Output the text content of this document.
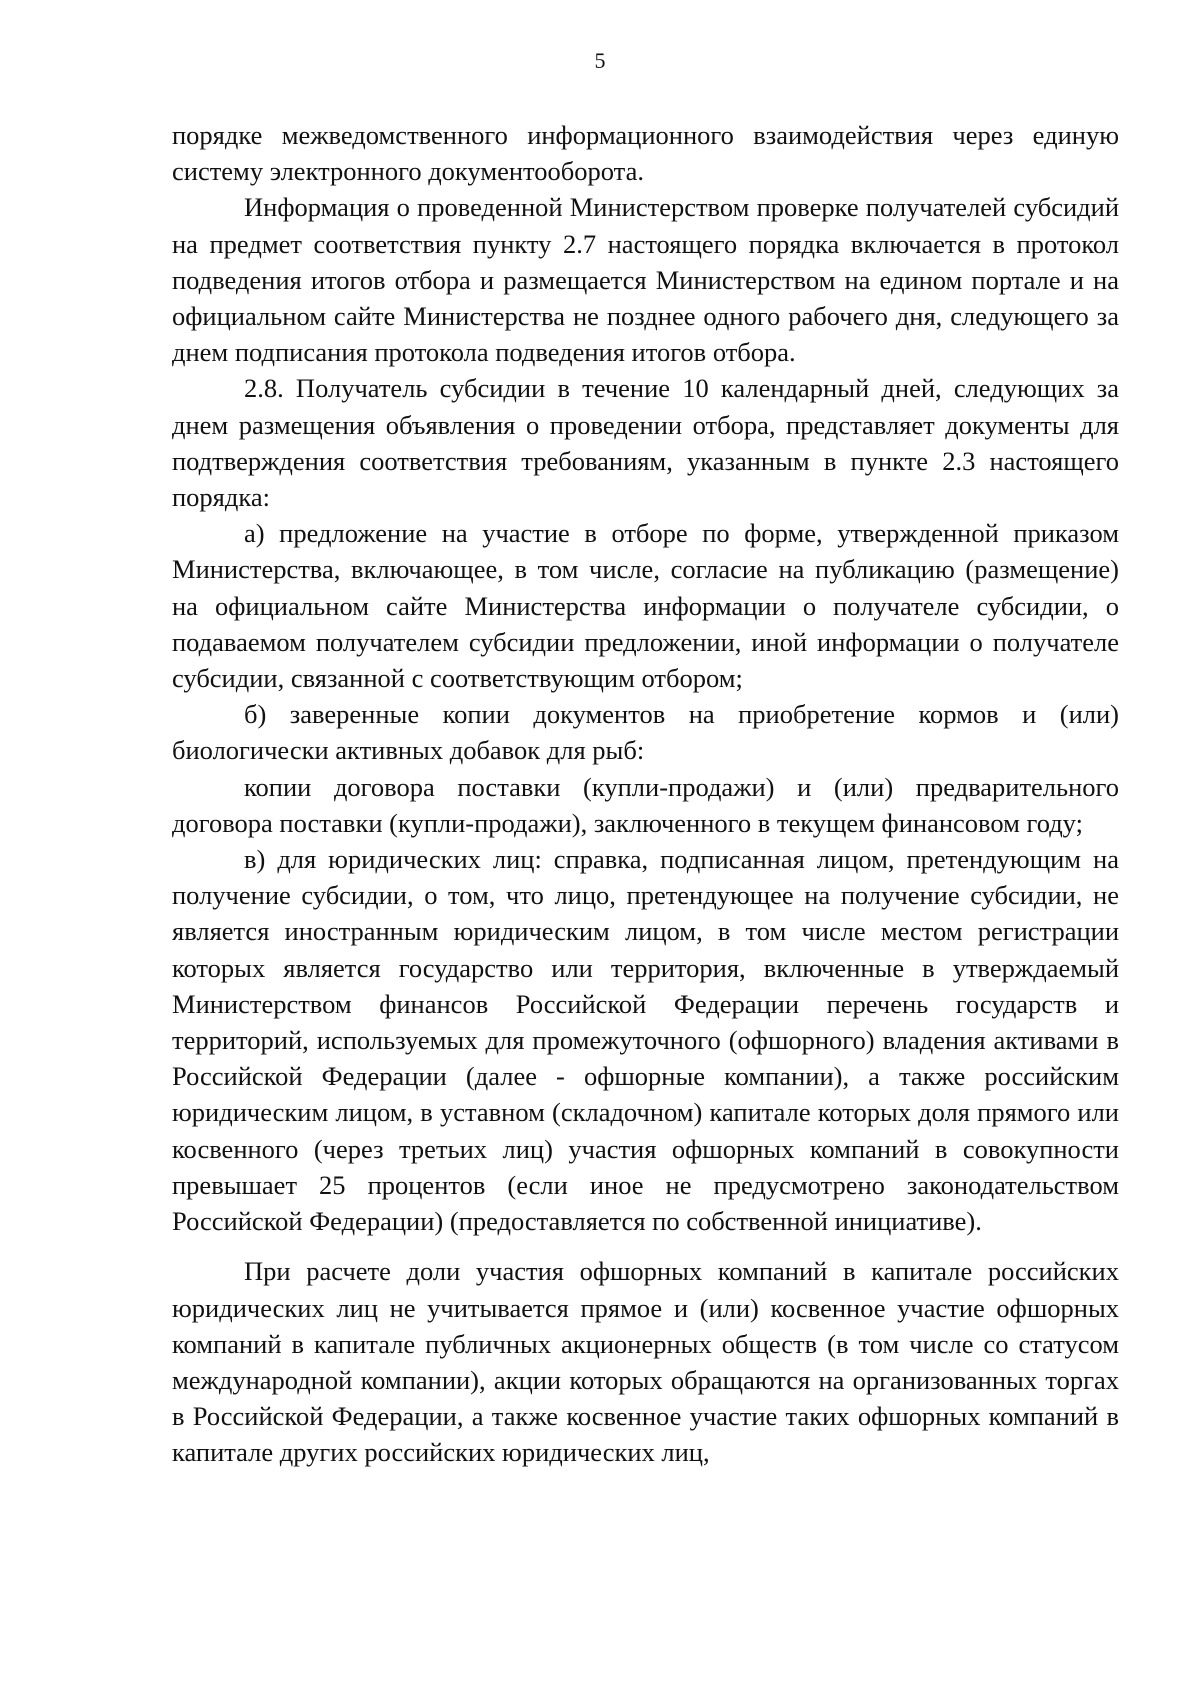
5

порядке межведомственного информационного взаимодействия через единую систему электронного документооборота.

Информация о проведенной Министерством проверке получателей субсидий на предмет соответствия пункту 2.7 настоящего порядка включается в протокол подведения итогов отбора и размещается Министерством на едином портале и на официальном сайте Министерства не позднее одного рабочего дня, следующего за днем подписания протокола подведения итогов отбора.

2.8. Получатель субсидии в течение 10 календарный дней, следующих за днем размещения объявления о проведении отбора, представляет документы для подтверждения соответствия требованиям, указанным в пункте 2.3 настоящего порядка:

а) предложение на участие в отборе по форме, утвержденной приказом Министерства, включающее, в том числе, согласие на публикацию (размещение) на официальном сайте Министерства информации о получателе субсидии, о подаваемом получателем субсидии предложении, иной информации о получателе субсидии, связанной с соответствующим отбором;

б) заверенные копии документов на приобретение кормов и (или) биологически активных добавок для рыб:

копии договора поставки (купли-продажи) и (или) предварительного договора поставки (купли-продажи), заключенного в текущем финансовом году;

в) для юридических лиц: справка, подписанная лицом, претендующим на получение субсидии, о том, что лицо, претендующее на получение субсидии, не является иностранным юридическим лицом, в том числе местом регистрации которых является государство или территория, включенные в утверждаемый Министерством финансов Российской Федерации перечень государств и территорий, используемых для промежуточного (офшорного) владения активами в Российской Федерации (далее - офшорные компании), а также российским юридическим лицом, в уставном (складочном) капитале которых доля прямого или косвенного (через третьих лиц) участия офшорных компаний в совокупности превышает 25 процентов (если иное не предусмотрено законодательством Российской Федерации) (предоставляется по собственной инициативе).

При расчете доли участия офшорных компаний в капитале российских юридических лиц не учитывается прямое и (или) косвенное участие офшорных компаний в капитале публичных акционерных обществ (в том числе со статусом международной компании), акции которых обращаются на организованных торгах в Российской Федерации, а также косвенное участие таких офшорных компаний в капитале других российских юридических лиц,
